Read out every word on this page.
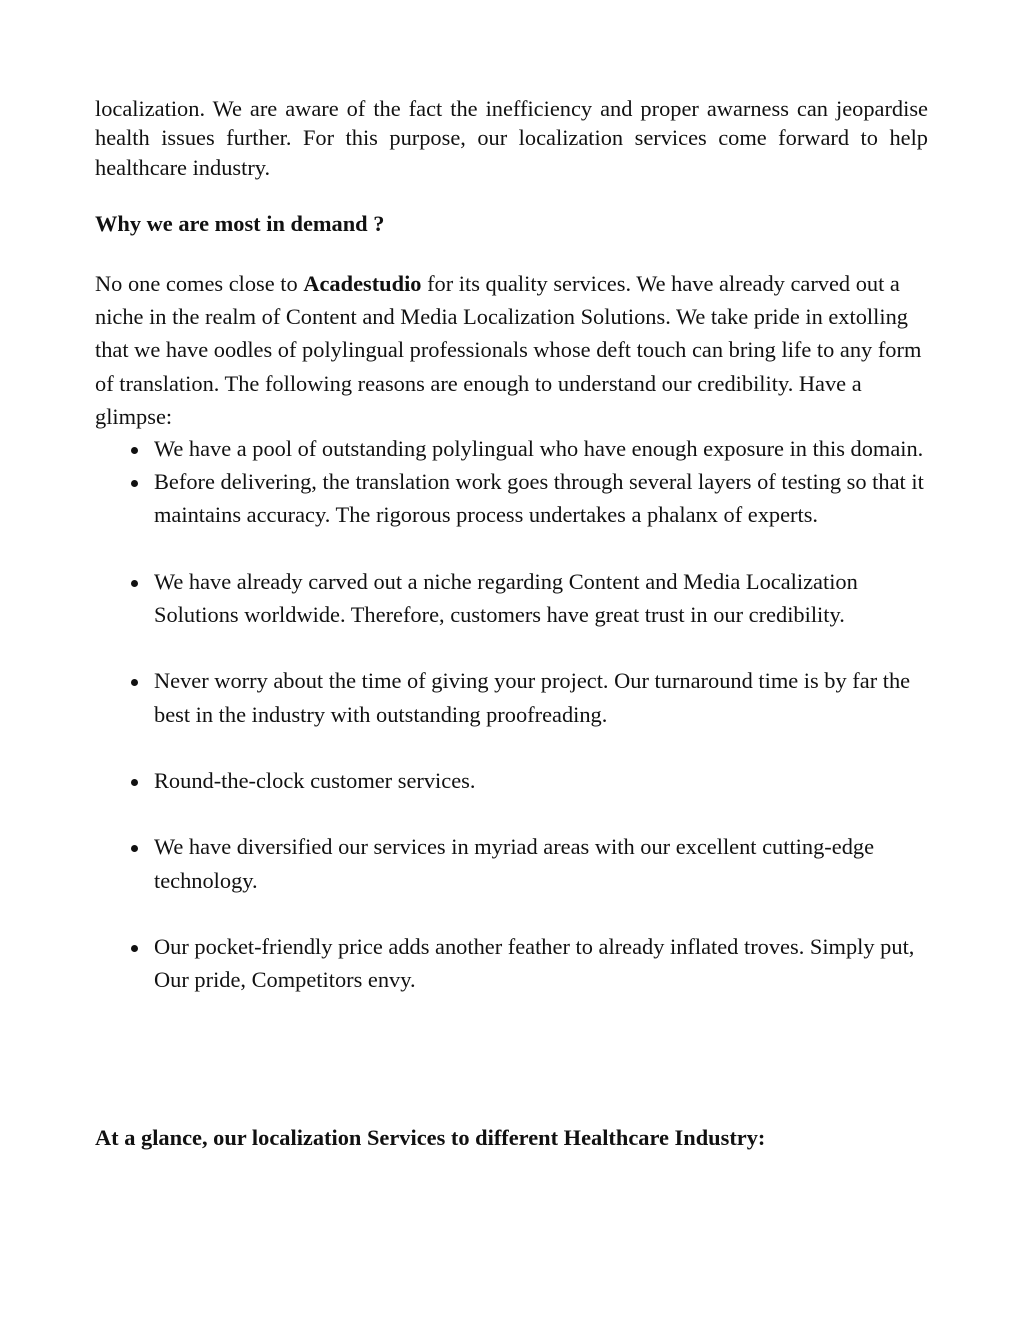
localization. We are aware of the fact the inefficiency and proper awarness can jeopardise health issues further. For this purpose, our localization services come forward to help healthcare industry.

Why we are most in demand ?

No one comes close to Acadestudio for its quality services. We have already carved out a niche in the realm of Content and Media Localization Solutions. We take pride in extolling that we have oodles of polylingual professionals whose deft touch can bring life to any form of translation. The following reasons are enough to understand our credibility. Have a glimpse:

We have a pool of outstanding polylingual who have enough exposure in this domain.
Before delivering, the translation work goes through several layers of testing so that it maintains accuracy. The rigorous process undertakes a phalanx of experts.
We have already carved out a niche regarding Content and Media Localization Solutions worldwide. Therefore, customers have great trust in our credibility.
Never worry about the time of giving your project. Our turnaround time is by far the best in the industry with outstanding proofreading.
Round-the-clock customer services.
We have diversified our services in myriad areas with our excellent cutting-edge technology.
Our pocket-friendly price adds another feather to already inflated troves. Simply put, Our pride, Competitors envy.
At a glance, our localization Services to different Healthcare Industry:
